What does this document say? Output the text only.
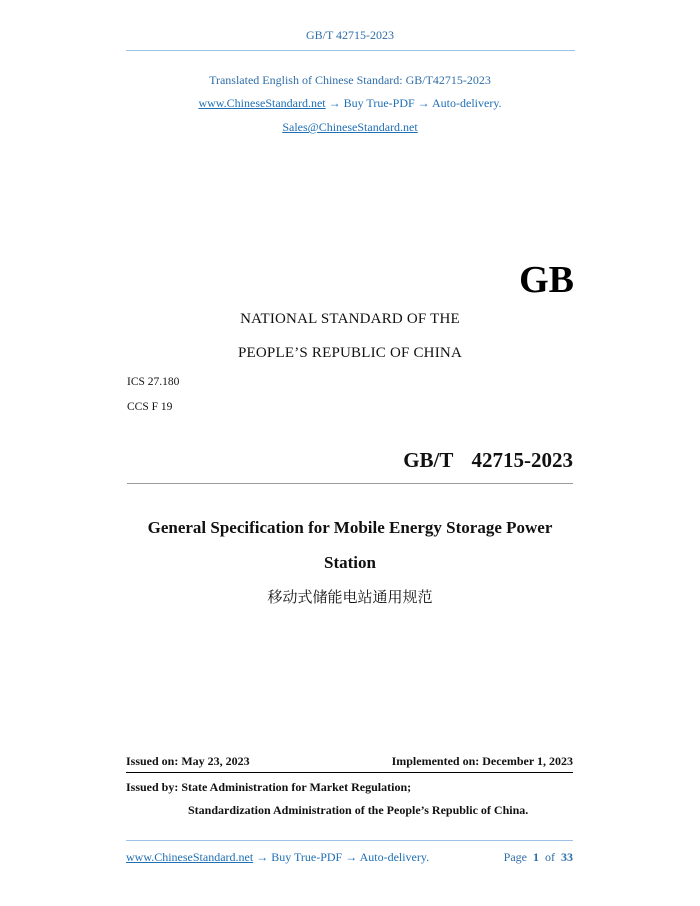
GB/T 42715-2023
Translated English of Chinese Standard: GB/T42715-2023
www.ChineseStandard.net → Buy True-PDF → Auto-delivery.
Sales@ChineseStandard.net
GB
NATIONAL STANDARD OF THE
PEOPLE’S REPUBLIC OF CHINA
ICS 27.180
CCS F 19
GB/T  42715-2023
General Specification for Mobile Energy Storage Power
Station
移动式储能电站通用规范
Issued on: May 23, 2023	Implemented on: December 1, 2023
Issued by: State Administration for Market Regulation;
Standardization Administration of the People’s Republic of China.
www.ChineseStandard.net → Buy True-PDF → Auto-delivery.	Page 1 of 33
